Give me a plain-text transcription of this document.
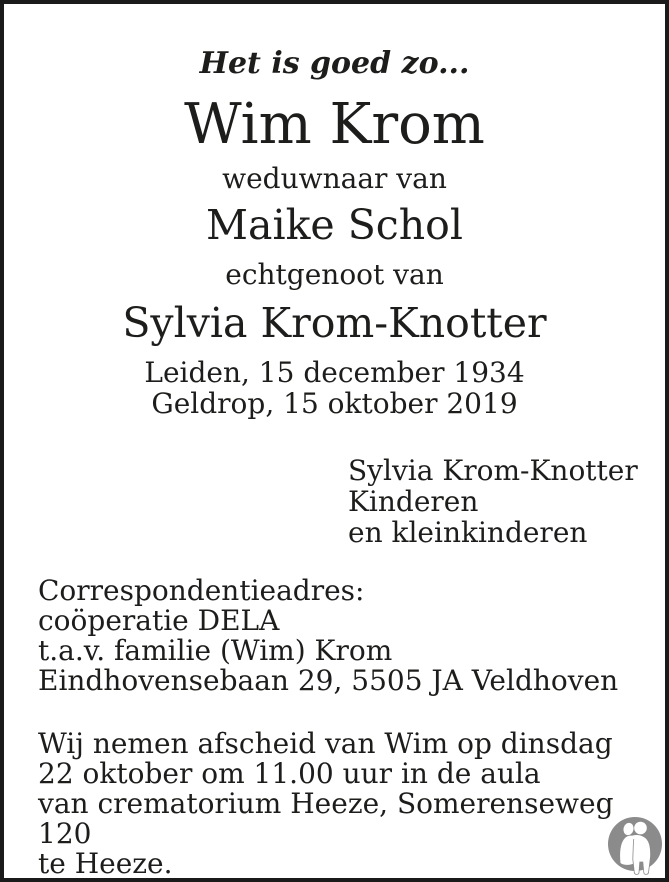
Het is goed zo...
Wim Krom
weduwnaar van
Maike Schol
echtgenoot van
Sylvia Krom-Knotter
Leiden, 15 december 1934
Geldrop, 15 oktober 2019
Sylvia Krom-Knotter
Kinderen
en kleinkinderen
Correspondentieadres:
coöperatie DELA
t.a.v. familie (Wim) Krom
Eindhovensebaan 29, 5505 JA Veldhoven
Wij nemen afscheid van Wim op dinsdag
22 oktober om 11.00 uur in de aula
van crematorium Heeze, Somerenseweg 120
te Heeze.
